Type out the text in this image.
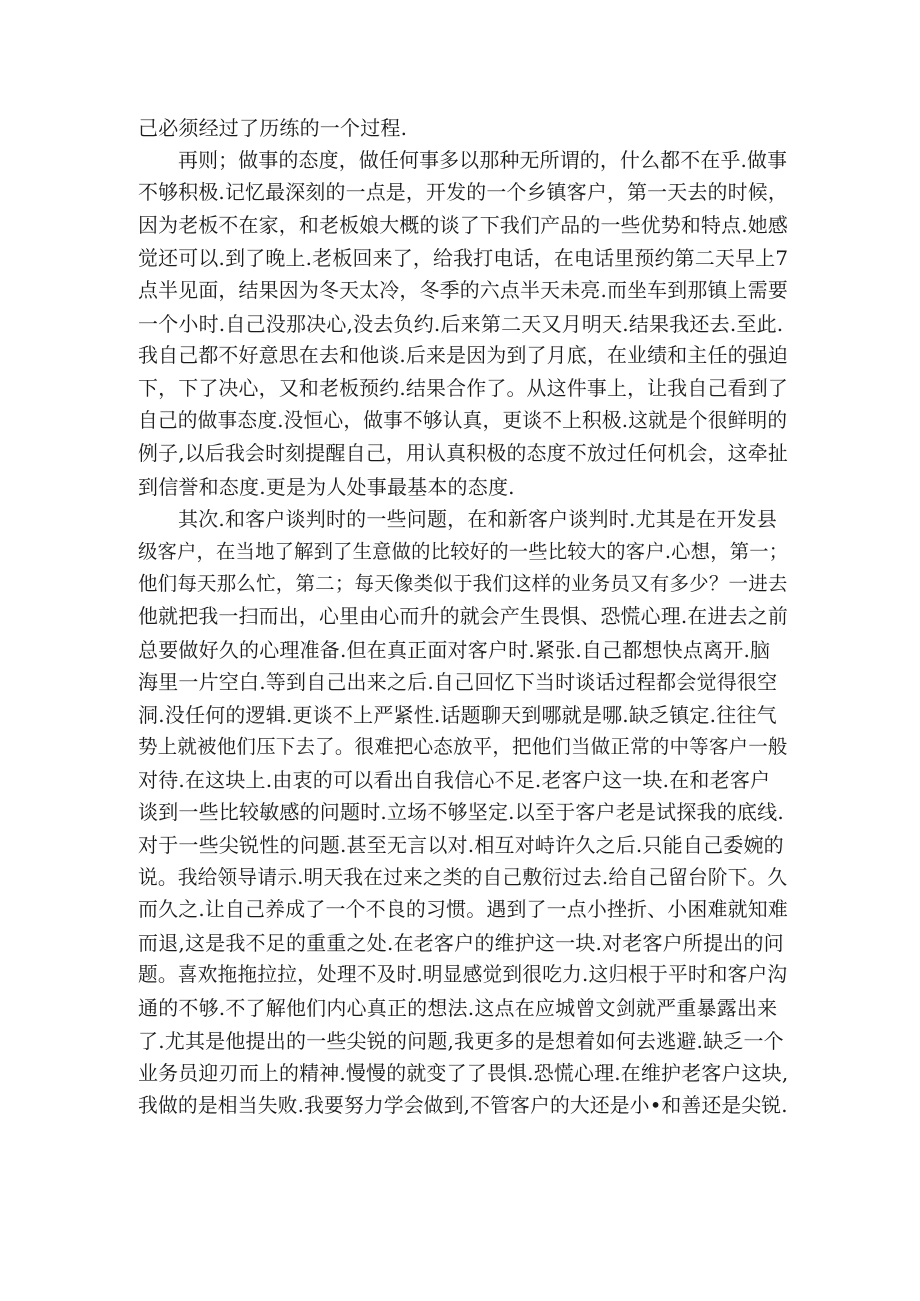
己必须经过了历练的一个过程.
再则；做事的态度，做任何事多以那种无所谓的，什么都不在乎.做事
不够积极.记忆最深刻的一点是，开发的一个乡镇客户，第一天去的时候，
因为老板不在家，和老板娘大概的谈了下我们产品的一些优势和特点.她感
觉还可以.到了晚上.老板回来了，给我打电话，在电话里预约第二天早上7
点半见面，结果因为冬天太冷，冬季的六点半天未亮.而坐车到那镇上需要
一个小时.自己没那决心,没去负约.后来第二天又月明天.结果我还去.至此.
我自己都不好意思在去和他谈.后来是因为到了月底，在业绩和主任的强迫
下，下了决心，又和老板预约.结果合作了。从这件事上，让我自己看到了
自己的做事态度.没恒心，做事不够认真，更谈不上积极.这就是个很鲜明的
例子,以后我会时刻提醒自己，用认真积极的态度不放过任何机会，这牵扯
到信誉和态度.更是为人处事最基本的态度.
其次.和客户谈判时的一些问题，在和新客户谈判时.尤其是在开发县
级客户，在当地了解到了生意做的比较好的一些比较大的客户.心想，第一；
他们每天那么忙，第二；每天像类似于我们这样的业务员又有多少？一进去
他就把我一扫而出，心里由心而升的就会产生畏惧、恐慌心理.在进去之前
总要做好久的心理准备.但在真正面对客户时.紧张.自己都想快点离开.脑
海里一片空白.等到自己出来之后.自己回忆下当时谈话过程都会觉得很空
洞.没任何的逻辑.更谈不上严紧性.话题聊天到哪就是哪.缺乏镇定.往往气
势上就被他们压下去了。很难把心态放平，把他们当做正常的中等客户一般
对待.在这块上.由衷的可以看出自我信心不足.老客户这一块.在和老客户
谈到一些比较敏感的问题时.立场不够坚定.以至于客户老是试探我的底线.
对于一些尖锐性的问题.甚至无言以对.相互对峙许久之后.只能自己委婉的
说。我给领导请示.明天我在过来之类的自己敷衍过去.给自己留台阶下。久
而久之.让自己养成了一个不良的习惯。遇到了一点小挫折、小困难就知难
而退,这是我不足的重重之处.在老客户的维护这一块.对老客户所提出的问
题。喜欢拖拖拉拉，处理不及时.明显感觉到很吃力.这归根于平时和客户沟
通的不够.不了解他们内心真正的想法.这点在应城曾文剑就严重暴露出来
了.尤其是他提出的一些尖锐的问题,我更多的是想着如何去逃避.缺乏一个
业务员迎刃而上的精神.慢慢的就变了了畏惧.恐慌心理.在维护老客户这块,
我做的是相当失败.我要努力学会做到,不管客户的大还是小•和善还是尖锐.
